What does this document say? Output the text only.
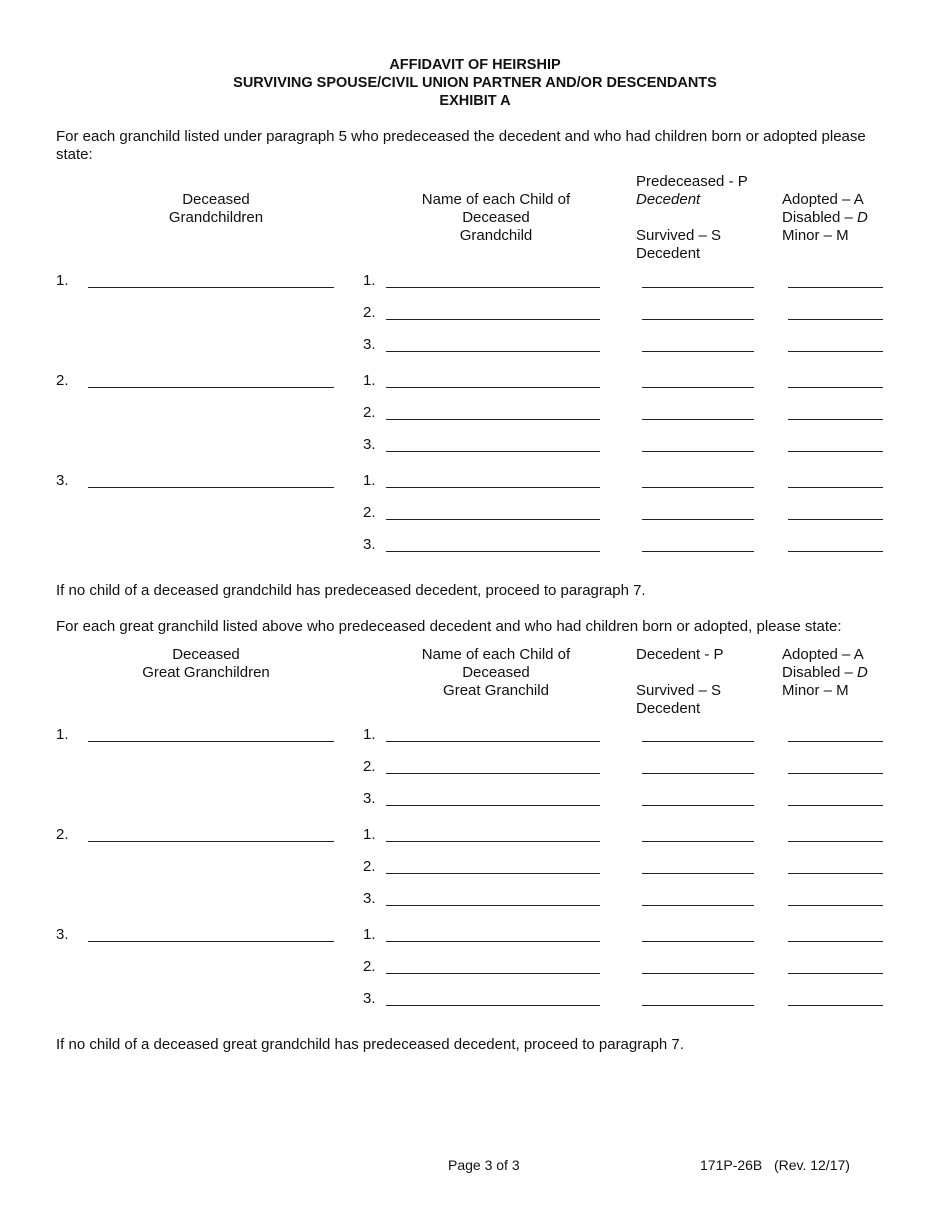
AFFIDAVIT OF HEIRSHIP
SURVIVING SPOUSE/CIVIL UNION PARTNER AND/OR DESCENDANTS
EXHIBIT A
For each granchild listed under paragraph 5 who predeceased the decedent and who had children born or adopted please state:
Deceased
Grandchildren
Name of each Child of
Deceased
Grandchild
Predeceased - P
Decedent
Survived – S
Decedent
Adopted – A
Disabled – D
Minor – M
1.	1.
2.
3.
2.	1.
2.
3.
3.	1.
2.
3.
If no child of a deceased grandchild has predeceased decedent, proceed to paragraph 7.
For each great granchild listed above who predeceased decedent and who had children born or adopted, please state:
Deceased
Great Granchildren
Name of each Child of
Deceased
Great Granchild
Decedent - P
Survived – S
Decedent
Adopted – A
Disabled – D
Minor – M
1.	1.
2.
3.
2.	1.
2.
3.
3.	1.
2.
3.
If no child of a deceased great grandchild has predeceased decedent, proceed to paragraph 7.
Page 3 of 3	171P-26B   (Rev. 12/17)
